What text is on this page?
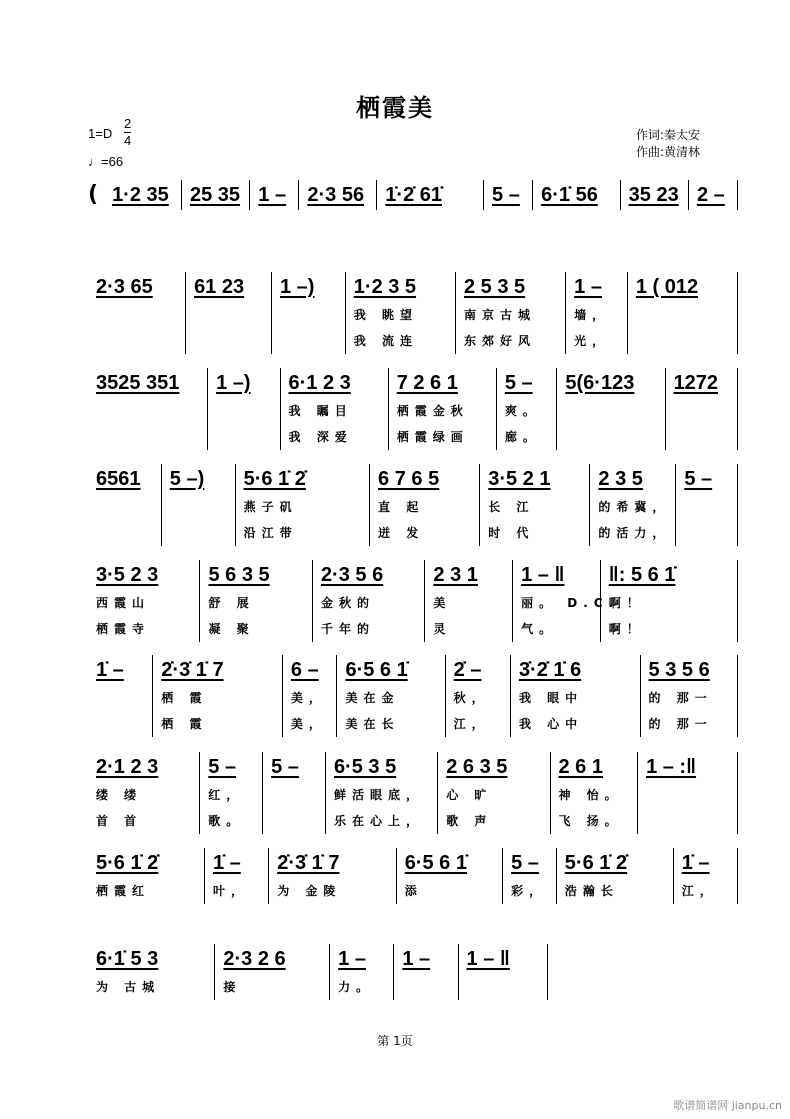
栖霞美
1=D
2
4
♩=66
作词:秦太安
作曲:黄清林
( 1·2 35	25 35 1 –	2·3 56	1̇·2̇ 61̇	5 –	6·1̇ 56	35 23 2 –
2·3 65	61 23	1 –)	1·2 3 5
我 眺望
我 流连
2 5 3 5
南京古城
东郊好风
1 –
墙，
光，
1 ( 012
3525 351	1 –)	6·1 2 3
我 瞩目
我 深爱
7 2 6 1
栖霞金秋
栖霞绿画
5 –
爽。
廊。
5(6·123	1272
6561	5 –)	5·6 1̇ 2̇
燕子矶
沿江带
6 7 6 5
直 起
迸 发
3·5 2 1
长 江
时 代
2 3 5
的希冀，
的活力，
5 –
3·5 2 3
西霞山
栖霞寺
5 6 3 5
舒 展
凝 聚
2·3 5 6
金秋的
千年的
2 3 1
美
灵
1 – ‖
丽。 D.C.
气。
‖: 5 6 1̇
啊！
啊！
1̇ –	2̇·3̇ 1̇ 7
栖 霞
栖 霞
6 –
美，
美，
6·5 6 1̇
美在金
美在长
2̇ –
秋，
江，
3̇·2̇ 1̇ 6
我 眼中
我 心中
5 3 5 6
的 那一
的 那一
2·1 2 3
缕 缕
首 首
5 –
红，
歌。
5 –	6·5 3 5
鲜活眼底，
乐在心上，
2 6 3 5
心 旷
歌 声
2 6 1
神 怡。
飞 扬。
1 – :‖
5·6 1̇ 2̇
栖霞红
1̇ –
叶，
2̇·3̇ 1̇ 7
为 金陵
6·5 6 1̇
添
5 –
彩，
5·6 1̇ 2̇
浩瀚长
1̇ –
江，
6·1̇ 5 3
为 古城
2·3 2 6
接
1 –
力。
1 –	1 – ‖
第 1页
歌谱简谱网 jianpu.cn
